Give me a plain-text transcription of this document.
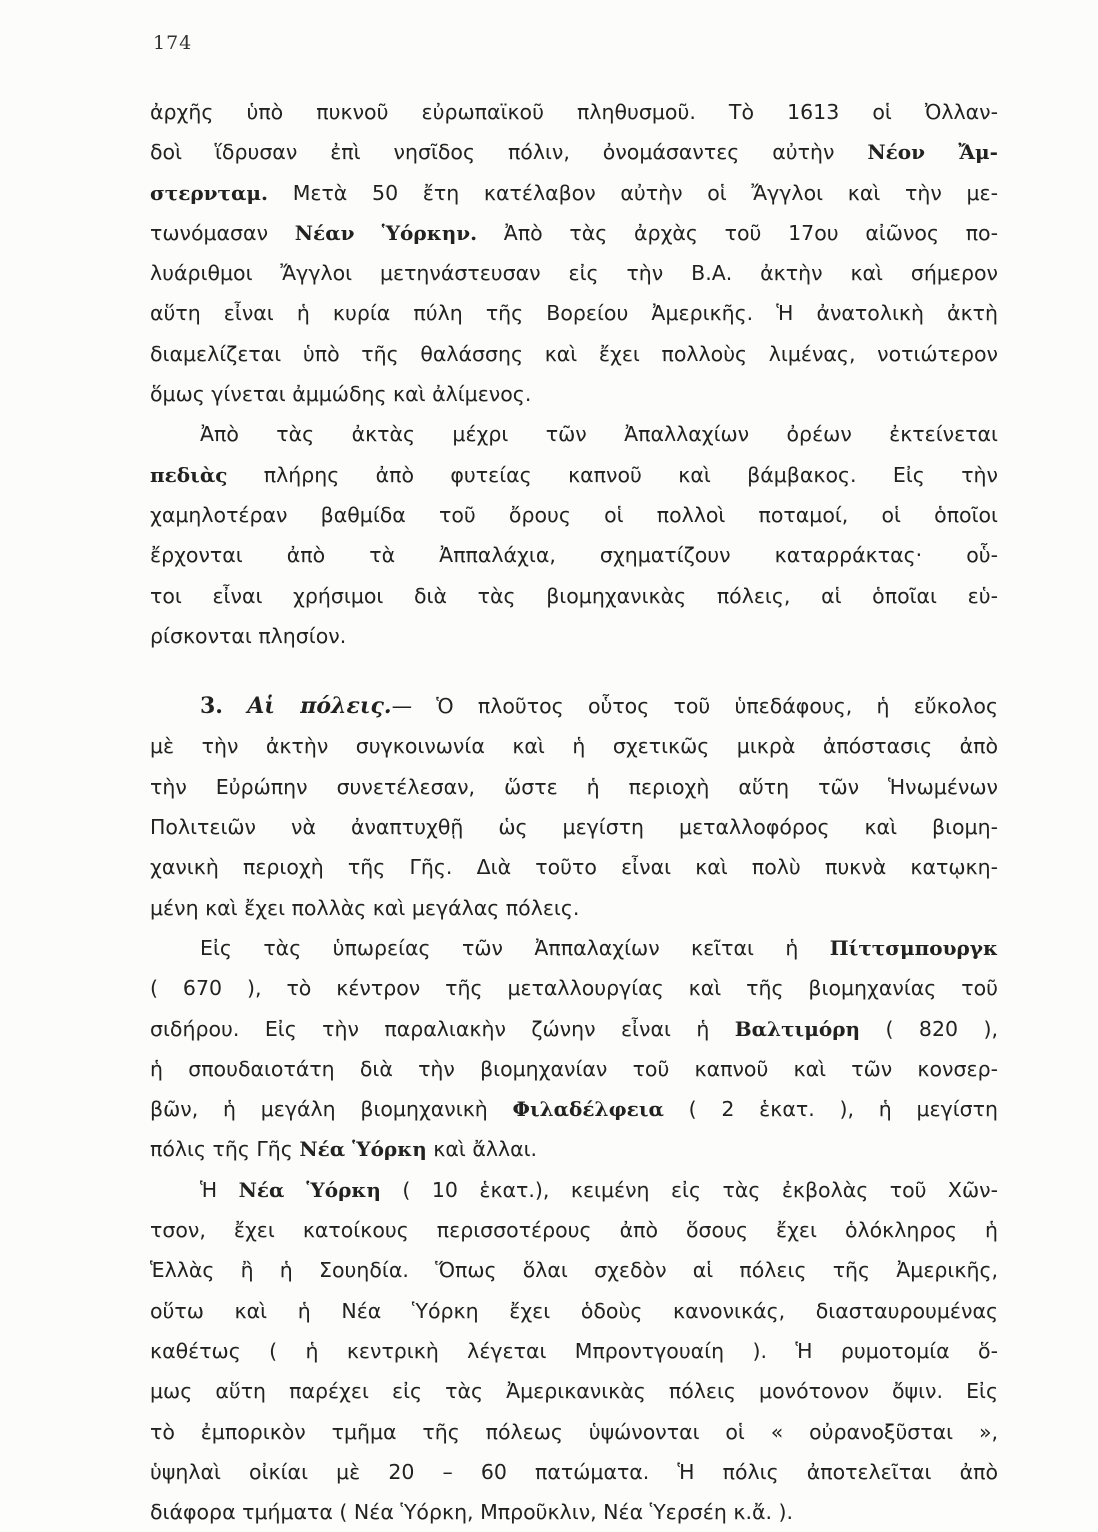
174
ἀρχῆς ὑπὸ πυκνοῦ εὐρωπαϊκοῦ πληθυσμοῦ. Τὸ 1613 οἱ Ὀλλαν-
δοὶ ἵδρυσαν ἐπὶ νησῖδος πόλιν, ὀνομάσαντες αὐτὴν Νέον Ἄμ-
στερνταμ. Μετὰ 50 ἔτη κατέλαβον αὐτὴν οἱ Ἄγγλοι καὶ τὴν με-
τωνόμασαν Νέαν Ὑόρκην. Ἀπὸ τὰς ἀρχὰς τοῦ 17ου αἰῶνος πο-
λυάριθμοι Ἄγγλοι μετηνάστευσαν εἰς τὴν Β.Α. ἀκτὴν καὶ σήμερον
αὕτη εἶναι ἡ κυρία πύλη τῆς Βορείου Ἀμερικῆς. Ἡ ἀνατολικὴ ἀκτὴ
διαμελίζεται ὑπὸ τῆς θαλάσσης καὶ ἔχει πολλοὺς λιμένας, νοτιώτερον
ὅμως γίνεται ἀμμώδης καὶ ἀλίμενος.
Ἀπὸ τὰς ἀκτὰς μέχρι τῶν Ἀπαλλαχίων ὀρέων ἐκτείνεται
πεδιὰς πλήρης ἀπὸ φυτείας καπνοῦ καὶ βάμβακος. Εἰς τὴν
χαμηλοτέραν βαθμίδα τοῦ ὄρους οἱ πολλοὶ ποταμοί, οἱ ὁποῖοι
ἔρχονται ἀπὸ τὰ Ἀππαλάχια, σχηματίζουν καταρράκτας· οὗ-
τοι εἶναι χρήσιμοι διὰ τὰς βιομηχανικὰς πόλεις, αἱ ὁποῖαι εὑ-
ρίσκονται πλησίον.
3. Αἱ πόλεις.— Ὁ πλοῦτος οὗτος τοῦ ὑπεδάφους, ἡ εὔκολος
μὲ τὴν ἀκτὴν συγκοινωνία καὶ ἡ σχετικῶς μικρὰ ἀπόστασις ἀπὸ
τὴν Εὐρώπην συνετέλεσαν, ὥστε ἡ περιοχὴ αὕτη τῶν Ἡνωμένων
Πολιτειῶν νὰ ἀναπτυχθῇ ὡς μεγίστη μεταλλοφόρος καὶ βιομη-
χανικὴ περιοχὴ τῆς Γῆς. Διὰ τοῦτο εἶναι καὶ πολὺ πυκνὰ κατῳκη-
μένη καὶ ἔχει πολλὰς καὶ μεγάλας πόλεις.
Εἰς τὰς ὑπωρείας τῶν Ἀππαλαχίων κεῖται ἡ Πίττσμπουργκ
( 670 ), τὸ κέντρον τῆς μεταλλουργίας καὶ τῆς βιομηχανίας τοῦ
σιδήρου. Εἰς τὴν παραλιακὴν ζώνην εἶναι ἡ Βαλτιμόρη ( 820 ),
ἡ σπουδαιοτάτη διὰ τὴν βιομηχανίαν τοῦ καπνοῦ καὶ τῶν κονσερ-
βῶν, ἡ μεγάλη βιομηχανικὴ Φιλαδέλφεια ( 2 ἑκατ. ), ἡ μεγίστη
πόλις τῆς Γῆς Νέα Ὑόρκη καὶ ἄλλαι.
Ἡ Νέα Ὑόρκη ( 10 ἑκατ.), κειμένη εἰς τὰς ἐκβολὰς τοῦ Χῶν-
τσον, ἔχει κατοίκους περισσοτέρους ἀπὸ ὅσους ἔχει ὁλόκληρος ἡ
Ἑλλὰς ἢ ἡ Σουηδία. Ὅπως ὅλαι σχεδὸν αἱ πόλεις τῆς Ἀμερικῆς,
οὕτω καὶ ἡ Νέα Ὑόρκη ἔχει ὁδοὺς κανονικάς, διασταυρουμένας
καθέτως ( ἡ κεντρικὴ λέγεται Μπροντγουαίη ). Ἡ ρυμοτομία ὅ-
μως αὕτη παρέχει εἰς τὰς Ἀμερικανικὰς πόλεις μονότονον ὄψιν. Εἰς
τὸ ἐμπορικὸν τμῆμα τῆς πόλεως ὑψώνονται οἱ « οὐρανοξῦσται »,
ὑψηλαὶ οἰκίαι μὲ 20 – 60 πατώματα. Ἡ πόλις ἀποτελεῖται ἀπὸ
διάφορα τμήματα ( Νέα Ὑόρκη, Μπροῦκλιν, Νέα Ὑερσέη κ.ἄ. ).
